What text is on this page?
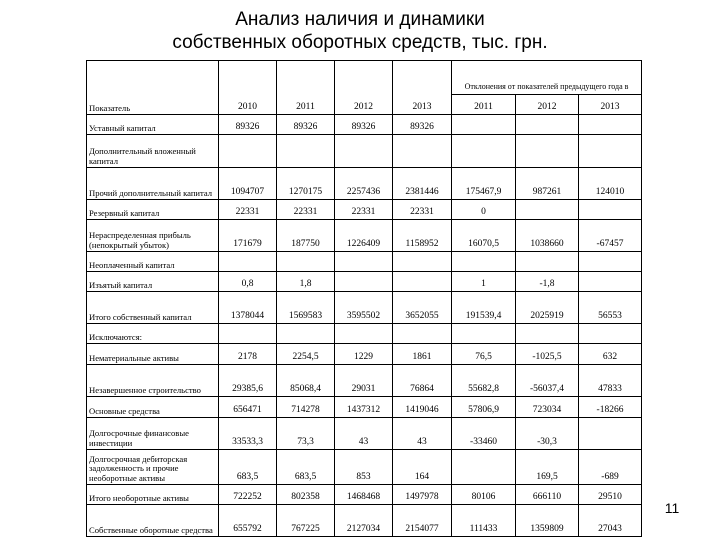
Анализ наличия и динамики
собственных оборотных средств, тыс. грн.
Показатель	2010	2011	2012	2013	Отклонения от показателей предыдущего года в		
					2011	2012	2013
Уставный капитал	89326	89326	89326	89326			
Дополнительный вложенный капитал							
Прочий дополнительный капитал	1094707	1270175	2257436	2381446	175467,9	987261	124010
Резервный капитал	22331	22331	22331	22331	0		
Нераспределенная прибыль (непокрытый убыток)	171679	187750	1226409	1158952	16070,5	1038660	-67457
Неоплаченный капитал							
Изъятый капитал	0,8	1,8			1	-1,8	
Итого собственный капитал	1378044	1569583	3595502	3652055	191539,4	2025919	56553
Исключаются:							
Нематериальные активы	2178	2254,5	1229	1861	76,5	-1025,5	632
Незавершенное строительство	29385,6	85068,4	29031	76864	55682,8	-56037,4	47833
Основные средства	656471	714278	1437312	1419046	57806,9	723034	-18266
Долгосрочные финансовые инвестиции	33533,3	73,3	43	43	-33460	-30,3	
Долгосрочная дебиторская задолженность и прочие необоротные активы	683,5	683,5	853	164		169,5	-689
Итого необоротные активы	722252	802358	1468468	1497978	80106	666110	29510
Собственные оборотные средства	655792	767225	2127034	2154077	111433	1359809	27043
11
